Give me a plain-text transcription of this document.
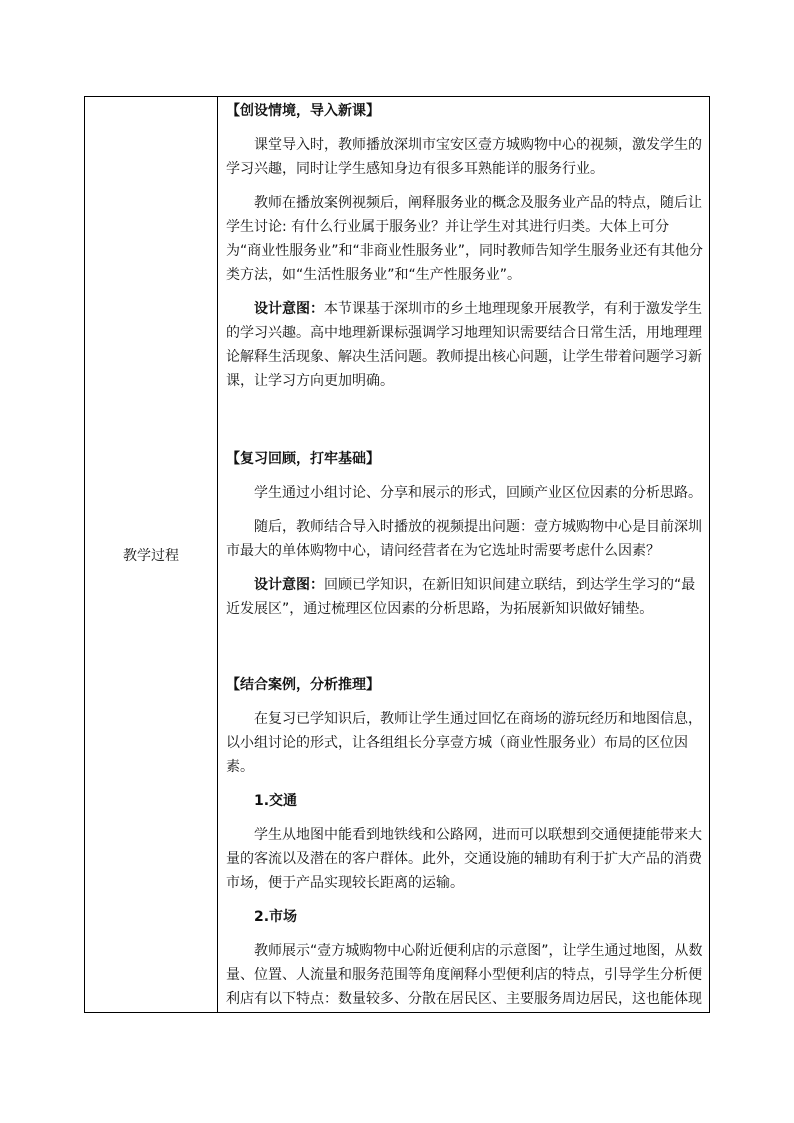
教学过程

【创设情境，导入新课】

课堂导入时，教师播放深圳市宝安区壹方城购物中心的视频，激发学生的学习兴趣，同时让学生感知身边有很多耳熟能详的服务行业。

教师在播放案例视频后，阐释服务业的概念及服务业产品的特点，随后让学生讨论: 有什么行业属于服务业？并让学生对其进行归类。大体上可分为“商业性服务业”和“非商业性服务业”，同时教师告知学生服务业还有其他分类方法，如“生活性服务业”和“生产性服务业”。

设计意图：本节课基于深圳市的乡土地理现象开展教学，有利于激发学生的学习兴趣。高中地理新课标强调学习地理知识需要结合日常生活，用地理理论解释生活现象、解决生活问题。教师提出核心问题，让学生带着问题学习新课，让学习方向更加明确。

【复习回顾，打牢基础】

学生通过小组讨论、分享和展示的形式，回顾产业区位因素的分析思路。

随后，教师结合导入时播放的视频提出问题：壹方城购物中心是目前深圳市最大的单体购物中心，请问经营者在为它选址时需要考虑什么因素？

设计意图：回顾已学知识，在新旧知识间建立联结，到达学生学习的“最近发展区”，通过梳理区位因素的分析思路，为拓展新知识做好铺垫。

【结合案例，分析推理】

在复习已学知识后，教师让学生通过回忆在商场的游玩经历和地图信息，以小组讨论的形式，让各组组长分享壹方城（商业性服务业）布局的区位因素。

1.交通

学生从地图中能看到地铁线和公路网，进而可以联想到交通便捷能带来大量的客流以及潜在的客户群体。此外，交通设施的辅助有利于扩大产品的消费市场，便于产品实现较长距离的运输。

2.市场

教师展示“壹方城购物中心附近便利店的示意图”，让学生通过地图，从数量、位置、人流量和服务范围等角度阐释小型便利店的特点，引导学生分析便利店有以下特点：数量较多、分散在居民区、主要服务周边居民，这也能体现
